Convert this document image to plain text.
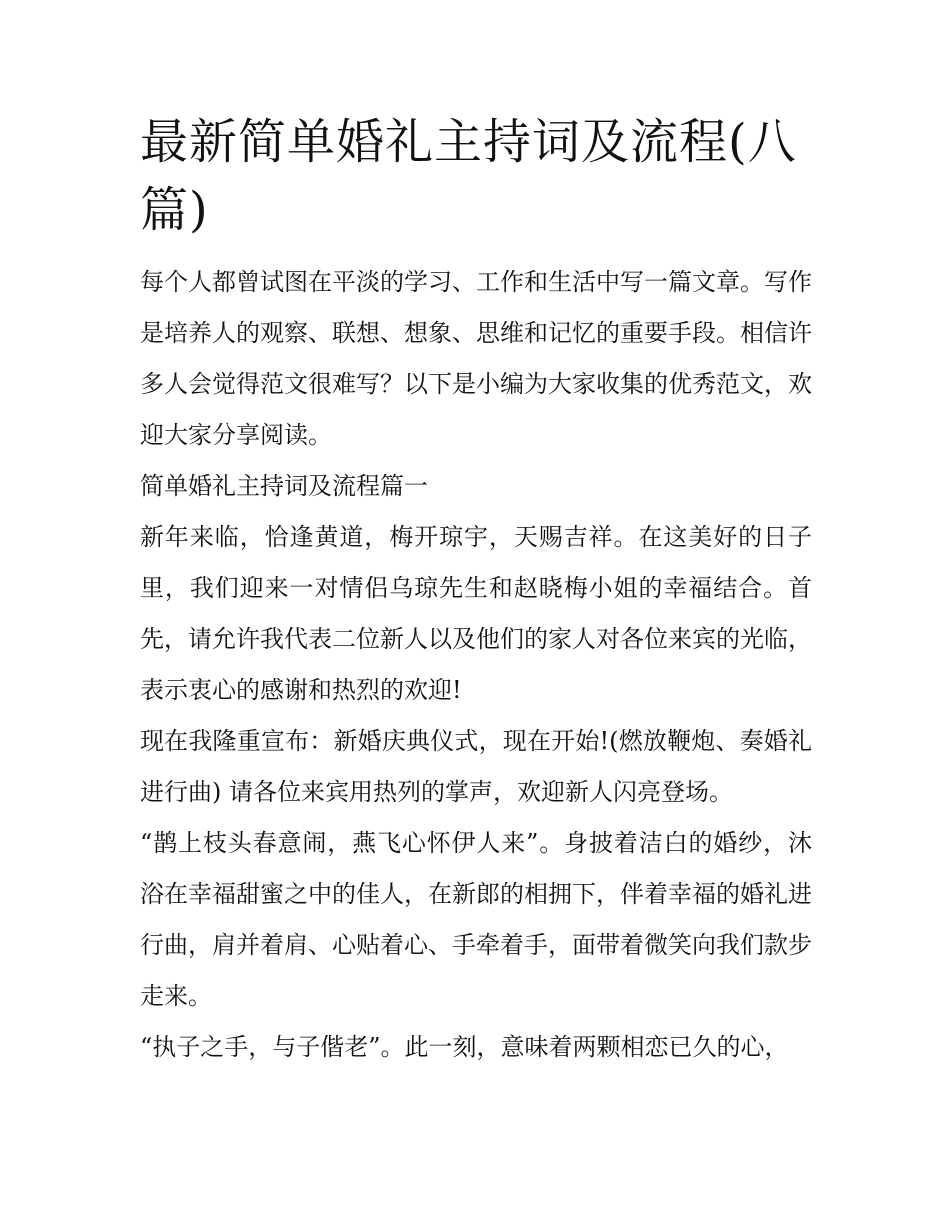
最新简单婚礼主持词及流程(八篇)

每个人都曾试图在平淡的学习、工作和生活中写一篇文章。写作是培养人的观察、联想、想象、思维和记忆的重要手段。相信许多人会觉得范文很难写？以下是小编为大家收集的优秀范文，欢迎大家分享阅读。

简单婚礼主持词及流程篇一

新年来临，恰逢黄道，梅开琼宇，天赐吉祥。在这美好的日子里，我们迎来一对情侣乌琼先生和赵晓梅小姐的幸福结合。首先，请允许我代表二位新人以及他们的家人对各位来宾的光临，表示衷心的感谢和热烈的欢迎!

现在我隆重宣布：新婚庆典仪式，现在开始!(燃放鞭炮、奏婚礼进行曲) 请各位来宾用热列的掌声，欢迎新人闪亮登场。

“鹊上枝头春意闹，燕飞心怀伊人来”。身披着洁白的婚纱，沐浴在幸福甜蜜之中的佳人，在新郎的相拥下，伴着幸福的婚礼进行曲，肩并着肩、心贴着心、手牵着手，面带着微笑向我们款步走来。

“执子之手，与子偕老”。此一刻，意味着两颗相恋已久的心，
